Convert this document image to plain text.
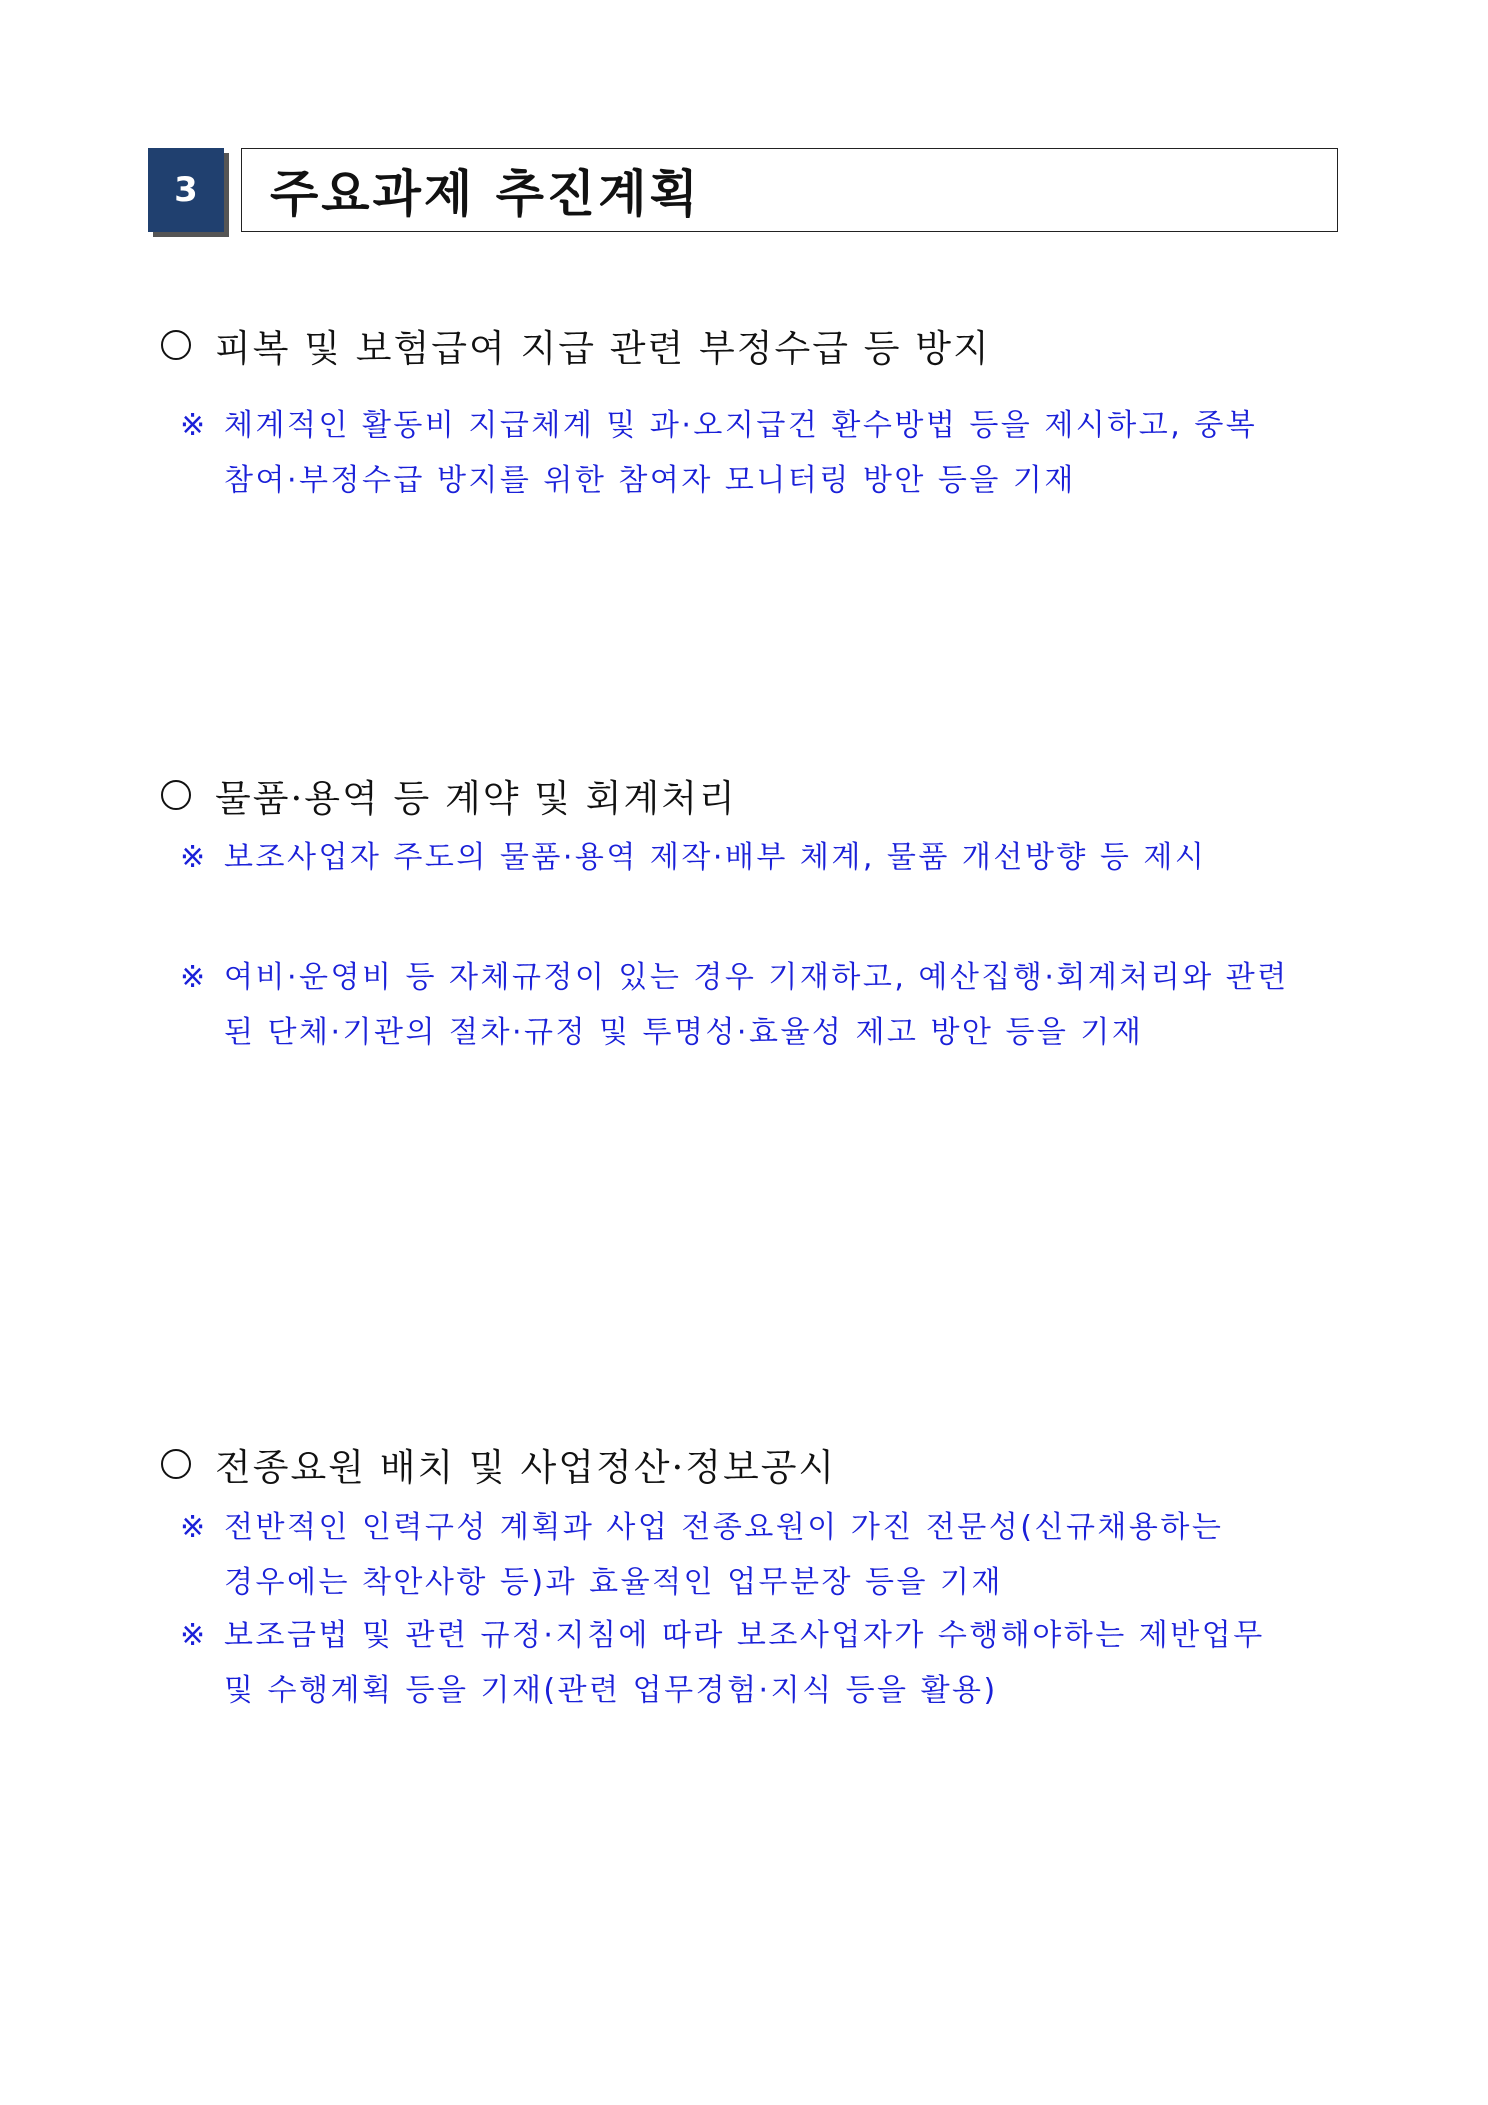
3	주요과제 추진계획
피복 및 보험급여 지급 관련 부정수급 등 방지
※ 체계적인 활동비 지급체계 및 과·오지급건 환수방법 등을 제시하고, 중복
참여·부정수급 방지를 위한 참여자 모니터링 방안 등을 기재
물품·용역 등 계약 및 회계처리
※ 보조사업자 주도의 물품·용역 제작·배부 체계, 물품 개선방향 등 제시
※ 여비·운영비 등 자체규정이 있는 경우 기재하고, 예산집행·회계처리와 관련
된 단체·기관의 절차·규정 및 투명성·효율성 제고 방안 등을 기재
전종요원 배치 및 사업정산·정보공시
※ 전반적인 인력구성 계획과 사업 전종요원이 가진 전문성(신규채용하는
경우에는 착안사항 등)과 효율적인 업무분장 등을 기재
※ 보조금법 및 관련 규정·지침에 따라 보조사업자가 수행해야하는 제반업무
및 수행계획 등을 기재(관련 업무경험·지식 등을 활용)
